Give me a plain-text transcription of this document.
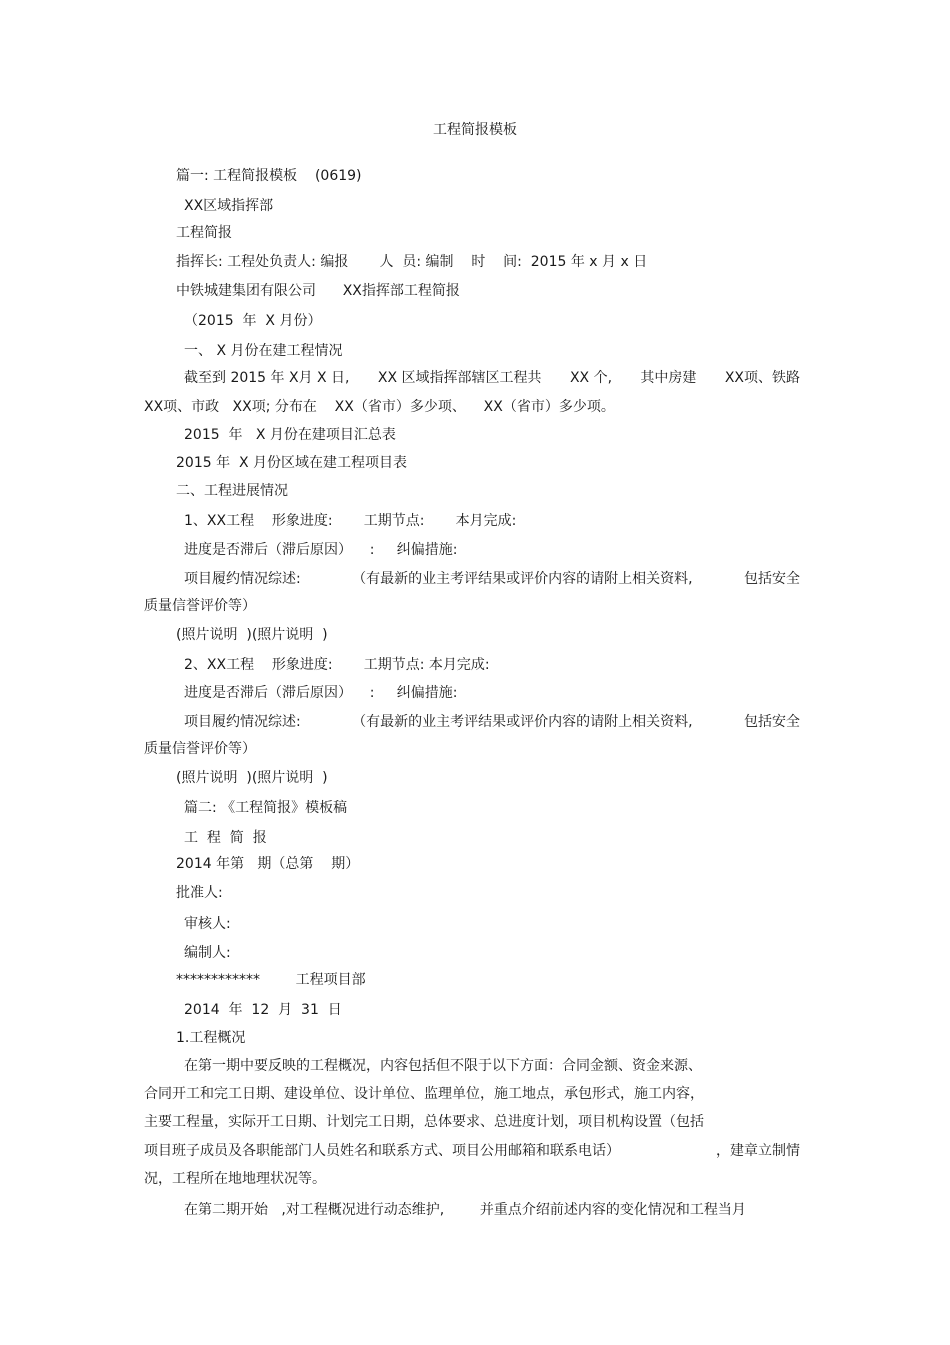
工程简报模板
篇一: 工程简报模板    (0619)
XX区域指挥部
工程简报
指挥长: 工程处负责人: 编报       人  员: 编制    时    间:  2015 年 x 月 x 日
中铁城建集团有限公司      XX指挥部工程简报
（2015  年  X 月份）
一、 X 月份在建工程情况
截至到 2015 年 X月 X 日, XX 区域指挥部辖区工程共 XX 个, 其中房建 XX项、铁路
XX项、市政   XX项; 分布在    XX（省市）多少项、    XX（省市）多少项。
2015  年   X 月份在建项目汇总表
2015 年  X 月份区域在建工程项目表
二、工程进展情况
1、XX工程    形象进度:       工期节点:       本月完成:
进度是否滞后（滞后原因）    :     纠偏措施:
项目履约情况综述:	（有最新的业主考评结果或评价内容的请附上相关资料,	包括安全
质量信誉评价等）
(照片说明  )(照片说明  )
2、XX工程    形象进度:       工期节点: 本月完成:
进度是否滞后（滞后原因）    :     纠偏措施:
项目履约情况综述:	（有最新的业主考评结果或评价内容的请附上相关资料,	包括安全
质量信誉评价等）
(照片说明  )(照片说明  )
篇二: 《工程简报》模板稿
工  程  简  报
2014 年第   期（总第    期）
批准人:
审核人:
编制人:
************        工程项目部
2014  年  12  月  31  日
1.工程概况
在第一期中要反映的工程概况，内容包括但不限于以下方面：合同金额、资金来源、
合同开工和完工日期、建设单位、设计单位、监理单位，施工地点，承包形式，施工内容，
主要工程量，实际开工日期、计划完工日期，总体要求、总进度计划，项目机构设置（包括
项目班子成员及各职能部门人员姓名和联系方式、项目公用邮箱和联系电话）	，建章立制情
况，工程所在地地理状况等。
在第二期开始   ,对工程概况进行动态维护,        并重点介绍前述内容的变化情况和工程当月
